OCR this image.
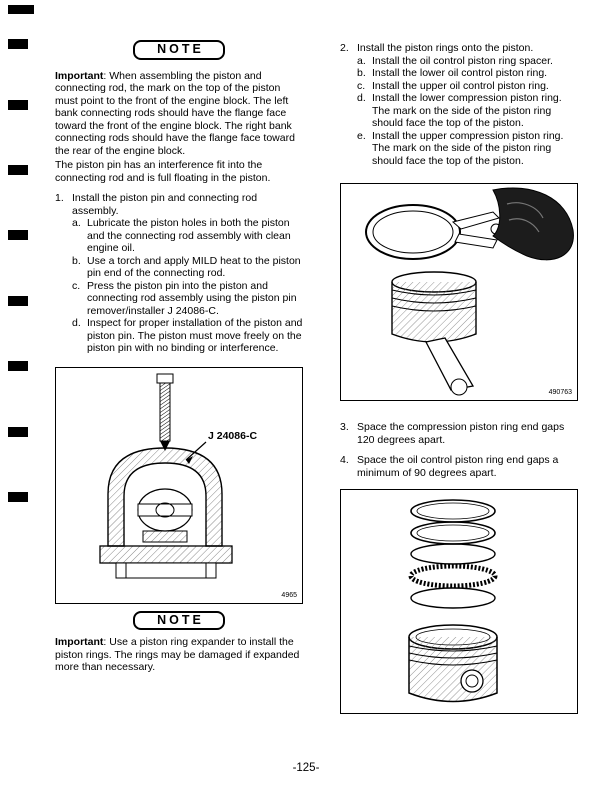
NOTE
Important: When assembling the piston and connecting rod, the mark on the top of the piston must point to the front of the engine block. The left bank connecting rods should have the flange face toward the front of the engine block. The right bank connecting rods should have the flange face toward the rear of the engine block.
The piston pin has an interference fit into the connecting rod and is full floating in the piston.
1. Install the piston pin and connecting rod assembly.
a. Lubricate the piston holes in both the piston and the connecting rod assembly with clean engine oil.
b. Use a torch and apply MILD heat to the piston pin end of the connecting rod.
c. Press the piston pin into the piston and connecting rod assembly using the piston pin remover/installer J 24086-C.
d. Inspect for proper installation of the piston and piston pin. The piston must move freely on the piston pin with no binding or interference.
J 24086-C
4965
NOTE
Important: Use a piston ring expander to install the piston rings. The rings may be damaged if expanded more than necessary.
2. Install the piston rings onto the piston.
a. Install the oil control piston ring spacer.
b. Install the lower oil control piston ring.
c. Install the upper oil control piston ring.
d. Install the lower compression piston ring. The mark on the side of the piston ring should face the top of the piston.
e. Install the upper compression piston ring. The mark on the side of the piston ring should face the top of the piston.
490763
3. Space the compression piston ring end gaps 120 degrees apart.
4. Space the oil control piston ring end gaps a minimum of 90 degrees apart.
-125-
